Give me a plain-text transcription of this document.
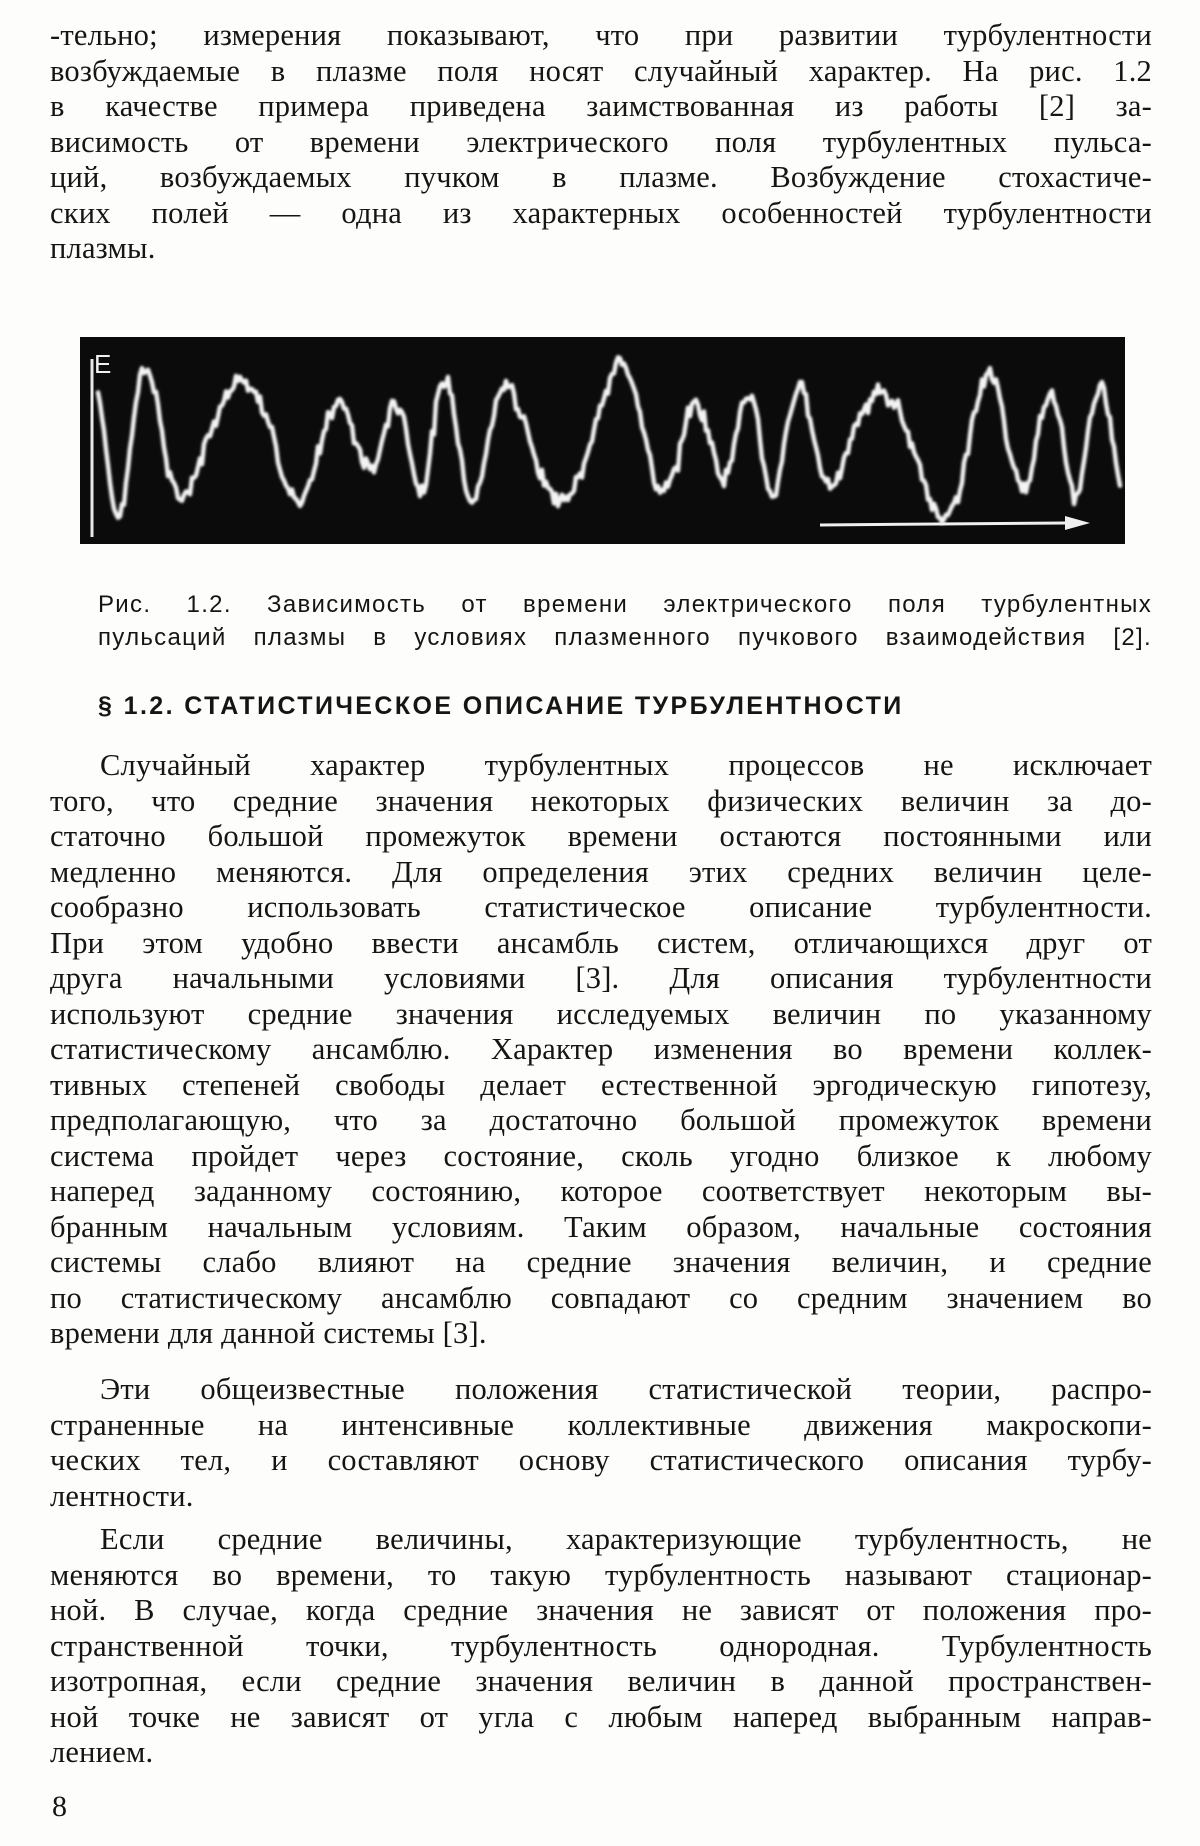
-тельно; измерения показывают, что при развитии турбулентности
возбуждаемые в плазме поля носят случайный характер. На рис. 1.2
в качестве примера приведена заимствованная из работы [2] за-
висимость от времени электрического поля турбулентных пульса-
ций, возбуждаемых пучком в плазме. Возбуждение стохастиче-
ских полей — одна из характерных особенностей турбулентности
плазмы.
E
Рис. 1.2. Зависимость от времени электрического поля турбулентных
пульсаций плазмы в условиях плазменного пучкового взаимодействия [2].
§ 1.2. СТАТИСТИЧЕСКОЕ ОПИСАНИЕ ТУРБУЛЕНТНОСТИ
Случайный характер турбулентных процессов не исключает
того, что средние значения некоторых физических величин за до-
статочно большой промежуток времени остаются постоянными или
медленно меняются. Для определения этих средних величин целе-
сообразно использовать статистическое описание турбулентности.
При этом удобно ввести ансамбль систем, отличающихся друг от
друга начальными условиями [3]. Для описания турбулентности
используют средние значения исследуемых величин по указанному
статистическому ансамблю. Характер изменения во времени коллек-
тивных степеней свободы делает естественной эргодическую гипотезу,
предполагающую, что за достаточно большой промежуток времени
система пройдет через состояние, сколь угодно близкое к любому
наперед заданному состоянию, которое соответствует некоторым вы-
бранным начальным условиям. Таким образом, начальные состояния
системы слабо влияют на средние значения величин, и средние
по статистическому ансамблю совпадают со средним значением во
времени для данной системы [3].
Эти общеизвестные положения статистической теории, распро-
страненные на интенсивные коллективные движения макроскопи-
ческих тел, и составляют основу статистического описания турбу-
лентности.
Если средние величины, характеризующие турбулентность, не
меняются во времени, то такую турбулентность называют стационар-
ной. В случае, когда средние значения не зависят от положения про-
странственной точки, турбулентность однородная. Турбулентность
изотропная, если средние значения величин в данной пространствен-
ной точке не зависят от угла с любым наперед выбранным направ-
лением.
8
